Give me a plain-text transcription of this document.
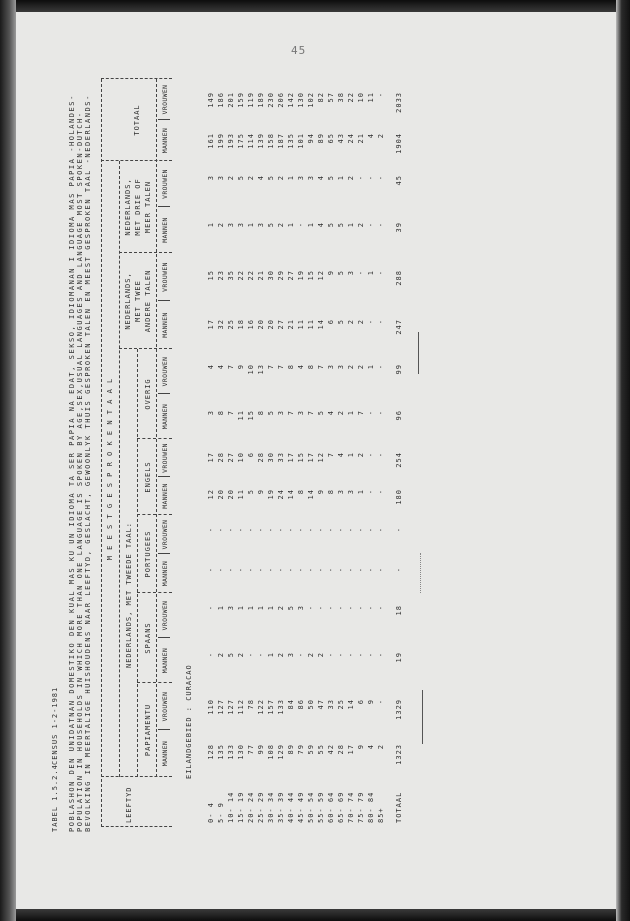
45
TABEL 1.5.2.4
CENSUS 1-2-1981 POBLASHON DEN UNIDATNAN DOMESTIKO DEN KUAL MAS KU UN IDIOMA TA SER PAPIA NA EDAT, SEKSO, IDIOMANAN I IDIOMA MAS PAPIA -HOLANDES- POPULATION IN HOUSEHOLDS IN WHICH MORE THAN ONE LANGUAGE IS SPOKEN BY AGE,SEX,USUAL LANGUAGES AND LANGUAGE MOST SPOKEN-DUTCH- BEVOLKING IN MEERTALIGE HUISHOUDENS NAAR LEEFTYD, GESLACHT, GEWOONLYK THUIS GESPROKEN TALEN EN MEEST GESPROKEN TAAL -NEDERLANDS- M E E S T G E S P R O K E N T A A L
LEEFTYD
NEDERLANDS, MET TWEEDE TAAL:
PAPIAMENTU
SPAANS
PORTUGEES
ENGELS
OVERIG
NEDERLANDS, MET TWEE ANDERE TALEN
NEDERLANDS, MET DRIE OF MEER TALEN
TOTAAL
EILANDGEBIED : CURACAO
MANNEN
VROUWEN
MANNEN
VROUWEN
MANNEN
VROUWEN
MANNEN
VROUWEN
MANNEN
VROUWEN
MANNEN
VROUWEN
MANNEN
VROUWEN
MANNEN
VROUWEN
0- 4
128
110
-
-
-
-
12
17
3
4
17
15
1
3
161
149
5- 9
135
127
2
1
-
-
20
28
8
4
32
23
2
3
199
186
10- 14
133
127
5
3
-
-
20
27
7
7
25
35
3
2
193
201
15- 19
130
112
2
1
-
-
11
10
11
9
18
22
3
5
175
159
20- 24
77
78
-
1
-
-
5
6
15
10
16
22
1
2
114
119
25- 29
99
122
-
1
-
-
9
28
8
13
20
21
3
4
139
189
30- 34
108
157
1
1
-
-
19
30
5
7
20
30
5
5
158
230
35- 39
129
133
2
2
-
-
24
33
3
7
27
29
2
2
187
206
40- 44
89
84
3
5
-
-
14
17
7
8
21
27
1
1
135
142
45- 49
79
86
-
3
-
-
8
15
3
4
11
19
-
3
101
130
50- 54
59
50
2
-
-
-
14
17
7
8
11
15
1
3
94
102
55- 59
55
47
2
-
-
-
9
12
5
7
14
12
4
4
89
82
60- 64
42
33
-
-
-
-
8
7
4
3
6
9
5
5
65
57
65- 69
28
25
-
-
-
-
3
4
2
3
5
5
5
1
43
38
70- 74
17
14
-
-
-
-
3
1
1
2
2
3
1
2
24
22
75- 79
9
6
-
-
-
-
1
2
7
2
2
-
2
-
21
10
80- 84
4
9
-
-
-
-
-
-
-
1
-
1
-
-
4
11
85+
2
-
-
-
-
-
-
-
-
-
-
-
-
-
2
-
TOTAAL
1323
1329
19
18
-
-
180
254
96
99
247
288
39
45
1904
2033
